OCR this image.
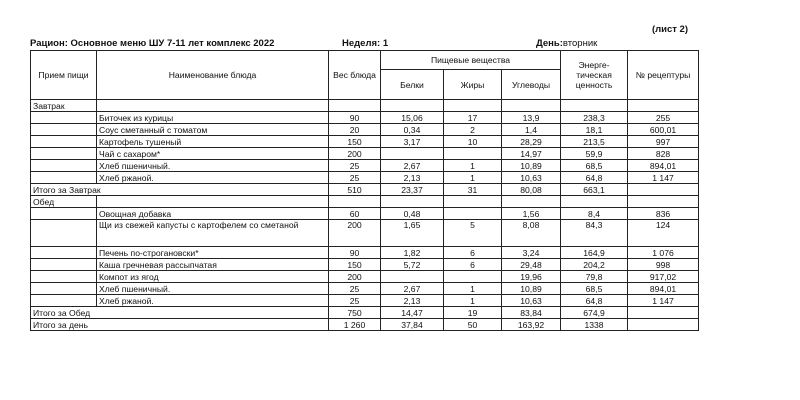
(лист 2)
Рацион: Основное меню ШУ 7-11 лет комплекс 2022	Неделя: 1	День: вторник
Прием пищи	Наименование блюда	Вес блюда	Пищевые вещества			Энерге-тическая ценность	№ рецептуры
			Белки	Жиры	Углеводы		
Завтрак							
	Биточек из курицы	90	15,06	17	13,9	238,3	255
	Соус сметанный с томатом	20	0,34	2	1,4	18,1	600,01
	Картофель тушеный	150	3,17	10	28,29	213,5	997
	Чай с сахаром*	200			14,97	59,9	828
	Хлеб пшеничный.	25	2,67	1	10,89	68,5	894,01
	Хлеб ржаной.	25	2,13	1	10,63	64,8	1 147
Итого за Завтрак		510	23,37	31	80,08	663,1	
Обед							
	Овощная добавка	60	0,48		1,56	8,4	836
	Щи из свежей капусты с картофелем со сметаной	200	1,65	5	8,08	84,3	124
	Печень по-строгановски*	90	1,82	6	3,24	164,9	1 076
	Каша гречневая рассыпчатая	150	5,72	6	29,48	204,2	998
	Компот из ягод	200			19,96	79,8	917,02
	Хлеб пшеничный.	25	2,67	1	10,89	68,5	894,01
	Хлеб ржаной.	25	2,13	1	10,63	64,8	1 147
Итого за Обед		750	14,47	19	83,84	674,9	
Итого за день		1 260	37,84	50	163,92	1338	
